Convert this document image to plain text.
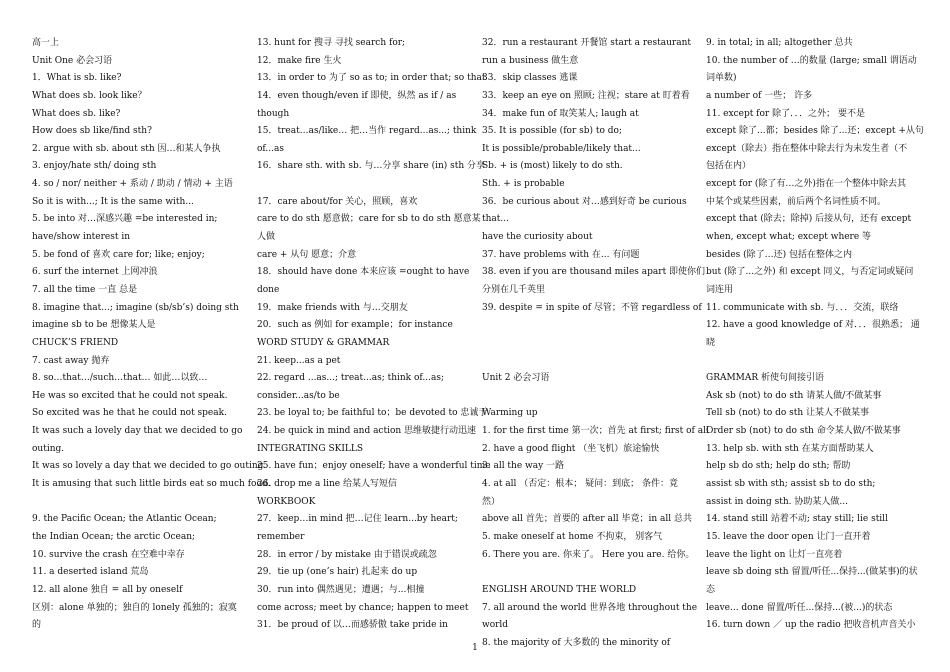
高一上
Unit One 必会习语
1．What is sb. like?
What does sb. look like？
What does sb. like?
How does sb like/find sth?
2. argue with sb. about sth 因…和某人争执
3. enjoy/hate sth/ doing sth
4. so / nor/ neither + 系动 / 助动 / 情动 + 主语
So it is with...; It is the same with...
5. be into 对…深感兴趣 =be interested in;
have/show interest in
5. be fond of 喜欢 care for; like; enjoy;
6. surf the internet 上网冲浪
7. all the time 一直 总是
8. imagine that...; imagine (sb/sb’s) doing sth
imagine sb to be 想像某人是
CHUCK’S FRIEND
7. cast away 抛弃
8. so…that…/such…that… 如此…以致…
He was so excited that he could not speak.
So excited was he that he could not speak.
It was such a lovely day that we decided to go
outing.
It was so lovely a day that we decided to go outing.
It is amusing that such little birds eat so much food.
9. the Pacific Ocean; the Atlantic Ocean;
the Indian Ocean; the arctic Ocean;
10. survive the crash 在空难中幸存
11. a deserted island 荒岛
12. all alone 独自 = all by oneself
区别：alone 单独的；独自的 lonely 孤独的；寂寞
的
13. hunt for 搜寻 寻找 search for;
12．make fire 生火
13．in order to 为了 so as to; in order that; so that
14．even though/even if 即使，纵然 as if / as
though
15．treat…as/like… 把…当作 regard...as...; think
of...as
16．share sth. with sb. 与…分享 share (in) sth 分享
17．care about/for 关心，照顾，喜欢
care to do sth 愿意做；care for sb to do sth 愿意某
人做
care + 从句 愿意；介意
18．should have done 本来应该 =ought to have
done
19．make friends with 与…交朋友
20．such as 例如 for example；for instance
WORD STUDY & GRAMMAR
21. keep...as a pet
22. regard ...as...; treat...as; think of...as;
consider...as/to be
23. be loyal to; be faithful to；be devoted to 忠诚于
24. be quick in mind and action 思维敏捷行动迅速
INTEGRATING SKILLS
25. have fun；enjoy oneself; have a wonderful time
26. drop me a line 给某人写短信
WORKBOOK
27．keep…in mind 把…记住 learn...by heart;
remember
28．in error / by mistake 由于错误或疏忽
29．tie up (one’s hair) 扎起来 do up
30．run into 偶然遇见；遭遇；与...相撞
come across; meet by chance; happen to meet
31．be proud of 以…而感骄傲 take pride in
32．run a restaurant 开餐馆 start a restaurant
run a business 做生意
33．skip classes 逃课
33．keep an eye on 照顾; 注视；stare at 盯着看
34．make fun of 取笑某人; laugh at
35. It is possible (for sb) to do;
It is possible/probable/likely that...
Sb. + is (most) likely to do sth.
Sth. + is probable
36．be curious about 对…感到好奇 be curious
that...
have the curiosity about
37. have problems with 在... 有问题
38. even if you are thousand miles apart 即使你们
分别在几千英里
39. despite = in spite of 尽管；不管 regardless of
Unit 2 必会习语
Warming up
1. for the first time 第一次；首先 at first; first of all
2. have a good flight （坐飞机）旅途愉快
3. all the way 一路
4. at all （否定：根本； 疑问：到底； 条件：竟
然）
above all 首先；首要的 after all 毕竟；in all 总共
5. make oneself at home 不拘束， 别客气
6. There you are. 你来了。 Here you are. 给你。
ENGLISH AROUND THE WORLD
7. all around the world 世界各地 throughout the
world
8. the majority of 大多数的 the minority of
9. in total; in all; altogether 总共
10. the number of …的数量 (large; small 谓语动
词单数)
a number of 一些； 许多
11. except for 除了．．．之外； 要不是
except 除了...都；besides 除了...还；except +从句
except（除去）指在整体中除去行为未发生者（不
包括在内）
except for (除了有…之外)指在一个整体中除去其
中某个或某些因素，前后两个名词性质不同。
except that (除去；除掉) 后接从句，还有 except
when, except what; except where 等
besides (除了…还) 包括在整体之内
but (除了...之外) 和 except 同义，与否定词或疑问
词连用
11. communicate with sb. 与．．．交流，联络
12. have a good knowledge of 对．．．很熟悉； 通
晓
GRAMMAR 析使句间接引语
Ask sb (not) to do sth 请某人做/不做某事
Tell sb (not) to do sth 让某人不做某事
Order sb (not) to do sth 命令某人做/不做某事
13. help sb. with sth 在某方面帮助某人
help sb do sth; help do sth; 帮助
assist sb with sth; assist sb to do sth;
assist in doing sth. 协助某人做...
14. stand still 站着不动; stay still; lie still
15. leave the door open 让门一直开着
leave the light on 让灯一直亮着
leave sb doing sth 留置/听任...保持...(做某事)的状
态
leave... done 留置/听任...保持...(被...)的状态
16. turn down ／ up the radio 把收音机声音关小
1
